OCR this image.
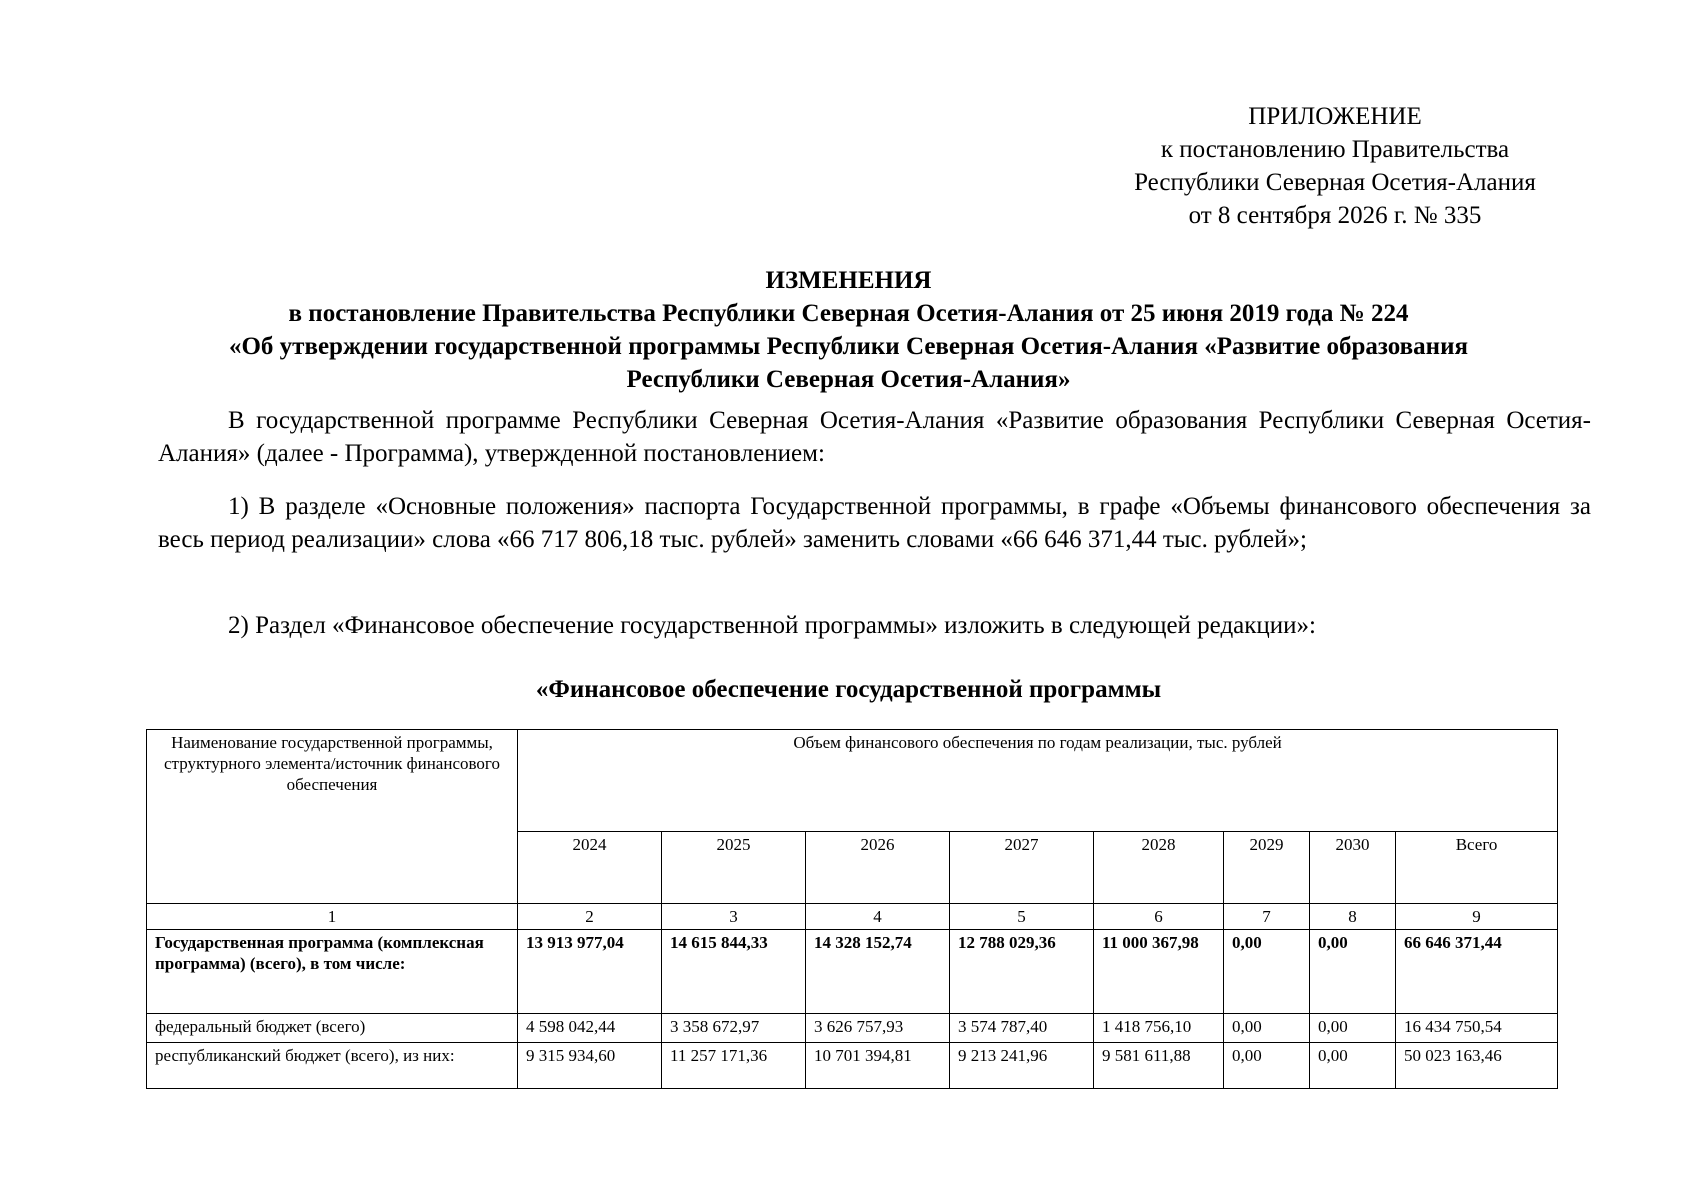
ПРИЛОЖЕНИЕ
к постановлению Правительства
Республики Северная Осетия-Алания
от 8 сентября 2026 г. № 335
ИЗМЕНЕНИЯ
в постановление Правительства Республики Северная Осетия-Алания от 25 июня 2019 года № 224
«Об утверждении государственной программы Республики Северная Осетия-Алания «Развитие образования
Республики Северная Осетия-Алания»
В государственной программе Республики Северная Осетия-Алания «Развитие образования Республики Северная Осетия-Алания» (далее - Программа), утвержденной постановлением:
1) В разделе «Основные положения» паспорта Государственной программы, в графе «Объемы финансового обеспечения за весь период реализации» слова «66 717 806,18 тыс. рублей» заменить словами «66 646 371,44 тыс. рублей»;
2) Раздел «Финансовое обеспечение государственной программы» изложить в следующей редакции»:
«Финансовое обеспечение государственной программы
Наименование государственной программы, структурного элемента/источник финансового обеспечения	Объем финансового обеспечения по годам реализации, тыс. рублей							
	2024	2025	2026	2027	2028	2029	2030	Всего
1	2	3	4	5	6	7	8	9
Государственная программа (комплексная программа) (всего), в том числе:	13 913 977,04	14 615 844,33	14 328 152,74	12 788 029,36	11 000 367,98	0,00	0,00	66 646 371,44
федеральный бюджет (всего)	4 598 042,44	3 358 672,97	3 626 757,93	3 574 787,40	1 418 756,10	0,00	0,00	16 434 750,54
республиканский бюджет (всего), из них:	9 315 934,60	11 257 171,36	10 701 394,81	9 213 241,96	9 581 611,88	0,00	0,00	50 023 163,46
